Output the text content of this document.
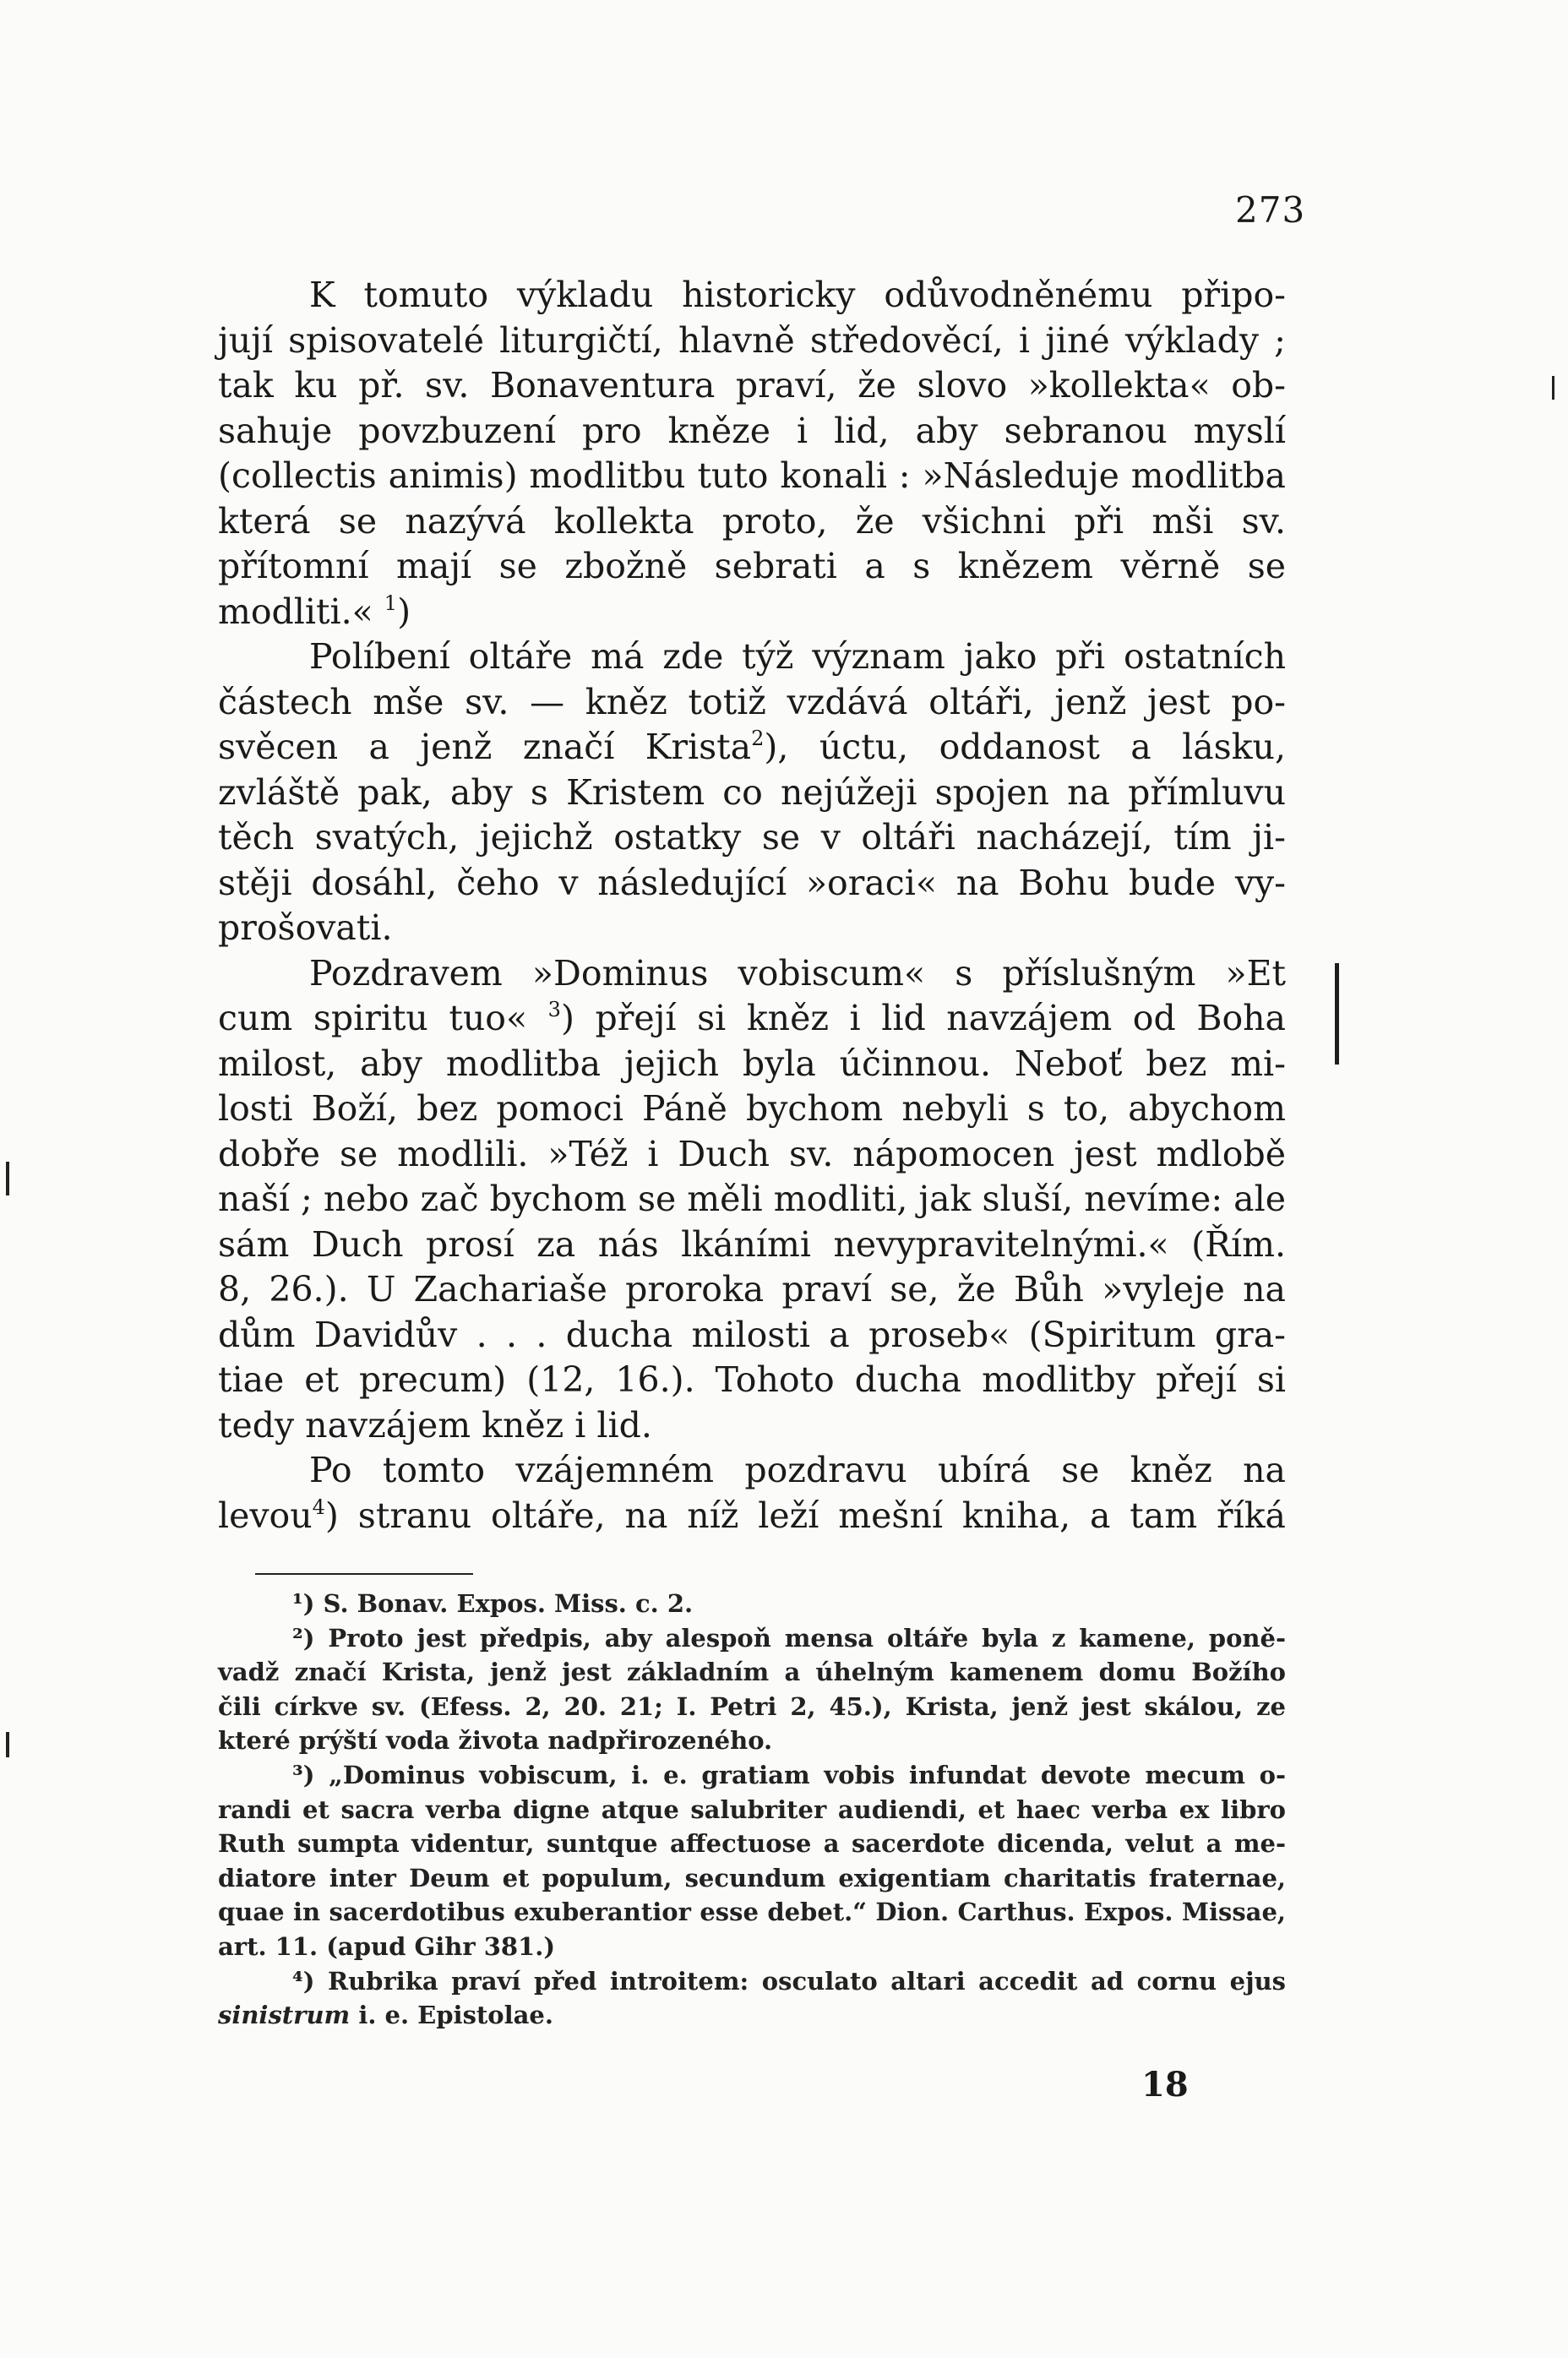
273
K tomuto výkladu historicky odůvodněnému připo-
jují spisovatelé liturgičtí, hlavně středověcí, i jiné výklady ;
tak ku př. sv. Bonaventura praví, že slovo »kollekta« ob-
sahuje povzbuzení pro kněze i lid, aby sebranou myslí
(collectis animis) modlitbu tuto konali : »Následuje modlitba
která se nazývá kollekta proto, že všichni při mši sv.
přítomní mají se zbožně sebrati a s knězem věrně se
modliti.« $^1$)
Políbení oltáře má zde týž význam jako při ostatních
částech mše sv. — kněz totiž vzdává oltáři, jenž jest po-
svěcen a jenž značí Krista$^2$), úctu, oddanost a lásku,
zvláště pak, aby s Kristem co nejúžeji spojen na přímluvu
těch svatých, jejichž ostatky se v oltáři nacházejí, tím ji-
stěji dosáhl, čeho v následující »oraci« na Bohu bude vy-
prošovati.
Pozdravem »Dominus vobiscum« s příslušným »Et
cum spiritu tuo« $^3$) přejí si kněz i lid navzájem od Boha
milost, aby modlitba jejich byla účinnou. Neboť bez mi-
losti Boží, bez pomoci Páně bychom nebyli s to, abychom
dobře se modlili. »Též i Duch sv. nápomocen jest mdlobě
naší ; nebo zač bychom se měli modliti, jak sluší, nevíme: ale
sám Duch prosí za nás lkáními nevypravitelnými.« (Řím.
8, 26.). U Zachariaše proroka praví se, že Bůh »vyleje na
dům Davidův . . . ducha milosti a proseb« (Spiritum gra-
tiae et precum) (12, 16.). Tohoto ducha modlitby přejí si
tedy navzájem kněz i lid.
Po tomto vzájemném pozdravu ubírá se kněz na
levou$^4$) stranu oltáře, na níž leží mešní kniha, a tam říká
¹) S. Bonav. Expos. Miss. c. 2.
²) Proto jest předpis, aby alespoň mensa oltáře byla z kamene, poně-
vadž značí Krista, jenž jest základním a úhelným kamenem domu Božího
čili církve sv. (Efess. 2, 20. 21; I. Petri 2, 45.), Krista, jenž jest skálou, ze
které prýští voda života nadpřirozeného.
³) „Dominus vobiscum, i. e. gratiam vobis infundat devote mecum o-
randi et sacra verba digne atque salubriter audiendi, et haec verba ex libro
Ruth sumpta videntur, suntque affectuose a sacerdote dicenda, velut a me-
diatore inter Deum et populum, secundum exigentiam charitatis fraternae,
quae in sacerdotibus exuberantior esse debet.“ Dion. Carthus. Expos. Missae,
art. 11. (apud Gihr 381.)
⁴) Rubrika praví před introitem: osculato altari accedit ad cornu ejus
sinistrum i. e. Epistolae.
18
